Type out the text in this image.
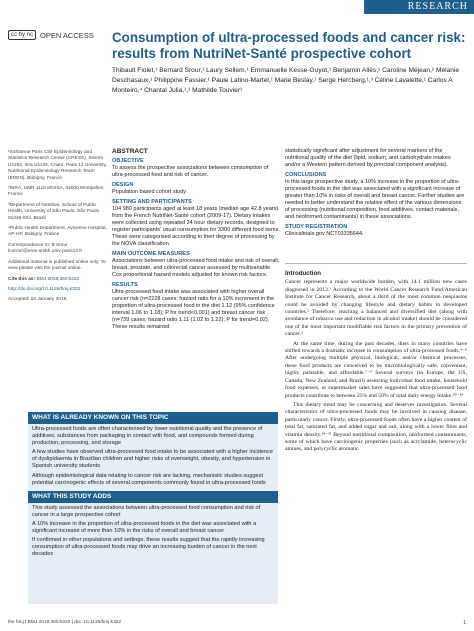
RESEARCH
cc by nc OPEN ACCESS Consumption of ultra-processed foods and cancer risk: results from NutriNet-Santé prospective cohort
Thibault Fiolet,¹ Bernard Srour,¹ Laury Sellem,¹ Emmanuelle Kesse-Guyot,¹ Benjamin Allès,¹ Caroline Méjean,² Mélanie Deschasaux,¹ Philippine Fassier,¹ Paule Latino-Martel,¹ Marie Beslay,¹ Serge Hercberg,¹,³ Céline Lavalette,¹ Carlos A Monteiro,⁴ Chantal Julia,¹,³ Mathilde Touvier¹

¹Sorbonne Paris Cité Epidemiology and Statistics Research Center (CRESS), Inserm U1153, Inra U1125, Cnam, Paris 13 University, Nutritional Epidemiology Research Team (EREN), Bobigny, France

²INRA, UMR 1110 MOISA, 34000 Montpellier, France

³Department of Nutrition, School of Public Health, University of São Paulo, São Paulo 01246-904, Brazil

⁴Public Health Department, Avicenne Hospital, AP-HP, Bobigny, France

Correspondence to: B Srour b.srour@eren.smbh.univ-paris13.fr

Additional material is published online only. To view please visit the journal online.

Cite this as: BMJ 2018;360:k322

http://dx.doi.org/10.1136/bmj.k322

Accepted: 10 January 2018

ABSTRACT
OBJECTIVE

To assess the prospective associations between consumption of ultra-processed food and risk of cancer.

DESIGN

Population based cohort study.

SETTING AND PARTICIPANTS

104 980 participants aged at least 18 years (median age 42.8 years) from the French NutriNet-Santé cohort (2009-17). Dietary intakes were collected using repeated 24 hour dietary records, designed to register participants' usual consumption for 3300 different food items. These were categorised according to their degree of processing by the NOVA classification.

MAIN OUTCOME MEASURES

Associations between ultra-processed food intake and risk of overall, breast, prostate, and colorectal cancer assessed by multivariable Cox proportional hazard models adjusted for known risk factors.

RESULTS

Ultra-processed food intake was associated with higher overall cancer risk (n=2228 cases; hazard ratio for a 10% increment in the proportion of ultra-processed food in the diet 1.12 (95% confidence interval 1.06 to 1.18); P for trend<0.001) and breast cancer risk (n=739 cases; hazard ratio 1.11 (1.02 to 1.22); P for trend=0.02). These results remained

statistically significant after adjustment for several markers of the nutritional quality of the diet (lipid, sodium, and carbohydrate intakes and/or a Western pattern derived by principal component analysis).

CONCLUSIONS

In this large prospective study, a 10% increase in the proportion of ultra-processed foods in the diet was associated with a significant increase of greater than 10% in risks of overall and breast cancer. Further studies are needed to better understand the relative effect of the various dimensions of processing (nutritional composition, food additives, contact materials, and neoformed contaminants) in these associations.

STUDY REGISTRATION

Clinicaltrials.gov NCT03335644.

Introduction

Cancer represents a major worldwide burden, with 14.1 million new cases diagnosed in 2012.¹ According to the World Cancer Research Fund/American Institute for Cancer Research, about a third of the most common neoplasms could be avoided by changing lifestyle and dietary habits in developed countries.² Therefore, reaching a balanced and diversified diet (along with avoidance of tobacco use and reduction in alcohol intake) should be considered one of the most important modifiable risk factors in the primary prevention of cancer.³

At the same time, during the past decades, diets in many countries have shifted towards a dramatic increase in consumption of ultra-processed foods.⁴⁻⁶ After undergoing multiple physical, biological, and/or chemical processes, these food products are conceived to be microbiologically safe, convenient, highly palatable, and affordable.⁷⁻⁹ Several surveys (in Europe, the US, Canada, New Zealand, and Brazil) assessing individual food intake, household food expenses, or supermarket sales have suggested that ultra-processed food products contribute to between 25% and 50% of total daily energy intake.¹⁰⁻¹⁸

This dietary trend may be concerning and deserves investigation. Several characteristics of ultra-processed foods may be involved in causing disease, particularly cancer. Firstly, ultra-processed foods often have a higher content of total fat, saturated fat, and added sugar and salt, along with a lower fibre and vitamin density.¹⁹⁻²¹ Beyond nutritional composition, neoformed contaminants, some of which have carcinogenic properties (such as acrylamide, heterocyclic amines, and polycyclic aromatic

WHAT IS ALREADY KNOWN ON THIS TOPIC

Ultra-processed foods are often characterised by lower nutritional quality and the presence of additives, substances from packaging in contact with food, and compounds formed during production, processing, and storage

A few studies have observed ultra-processed food intake to be associated with a higher incidence of dyslipidaemia in Brazilian children and higher risks of overweight, obesity, and hypertension in Spanish university students

Although epidemiological data relating to cancer risk are lacking, mechanistic studies suggest potential carcinogenic effects of several components commonly found in ultra-processed foods

WHAT THIS STUDY ADDS

This study assessed the associations between ultra-processed food consumption and risk of cancer in a large prospective cohort

A 10% increase in the proportion of ultra-processed foods in the diet was associated with a significant increase of more than 10% in the risks of overall and breast cancer

If confirmed in other populations and settings, these results suggest that the rapidly increasing consumption of ultra-processed foods may drive an increasing burden of cancer in the next decades

the bmj | BMJ 2018;360:k322 | doi: 10.1136/bmj.k322	1
